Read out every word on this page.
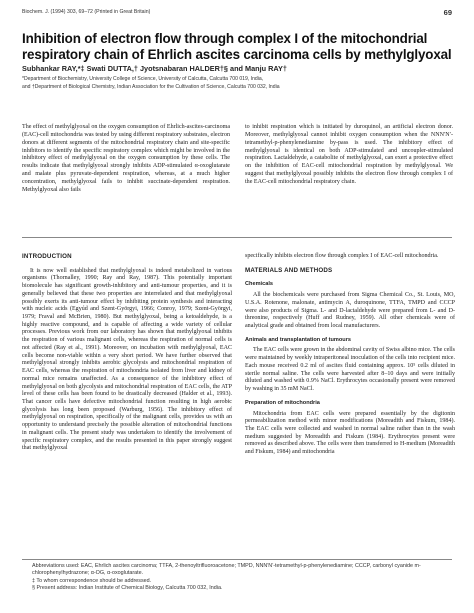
Biochem. J. (1994) 303, 69–72 (Printed in Great Britain)	69
Inhibition of electron flow through complex I of the mitochondrial respiratory chain of Ehrlich ascites carcinoma cells by methylglyoxal
Subhankar RAY,*‡ Swati DUTTA,† Jyotsnabaran HALDER†§ and Manju RAY†
*Department of Biochemistry, University College of Science, University of Calcutta, Calcutta 700 019, India,
and †Department of Biological Chemistry, Indian Association for the Cultivation of Science, Calcutta 700 032, India
The effect of methylglyoxal on the oxygen consumption of Ehrlich-ascites-carcinoma (EAC)-cell mitochondria was tested by using different respiratory substrates, electron donors at different segments of the mitochondrial respiratory chain and site-specific inhibitors to identify the specific respiratory complex which might be involved in the inhibitory effect of methylglyoxal on the oxygen consumption by these cells. The results indicate that methylglyoxal strongly inhibits ADP-stimulated α-oxoglutarate and malate plus pyruvate-dependent respiration, whereas, at a much higher concentration, methylglyoxal fails to inhibit succinate-dependent respiration. Methylglyoxal also fails
to inhibit respiration which is initiated by duroquinol, an artificial electron donor. Moreover, methylglyoxal cannot inhibit oxygen consumption when the NNN′N′-tetramethyl-p-phenylenediamine by-pass is used. The inhibitory effect of methylglyoxal is identical on both ADP-stimulated and uncoupler-stimulated respiration. Lactaldehyde, a catabolite of methylglyoxal, can exert a protective effect on the inhibition of EAC-cell mitochondrial respiration by methylglyoxal. We suggest that methylglyoxal possibly inhibits the electron flow through complex I of the EAC-cell mitochondrial respiratory chain.
INTRODUCTION

It is now well established that methylglyoxal is indeed metabolized in various organisms (Thornalley, 1990; Ray and Ray, 1987). This potentially important biomolecule has significant growth-inhibitory and anti-tumour properties, and it is generally believed that these two properties are interrelated and that methylglyoxal possibly exerts its anti-tumour effect by inhibiting protein synthesis and interacting with nucleic acids (Egyúd and Szent-Györgyi, 1966; Conroy, 1979; Szent-Györgyi, 1979; Fraval and McBrien, 1980). But methylglyoxal, being a ketoaldehyde, is a highly reactive compound, and is capable of affecting a wide variety of cellular processes. Previous work from our laboratory has shown that methylglyoxal inhibits the respiration of various malignant cells, whereas the respiration of normal cells is not affected (Ray et al., 1991). Moreover, on incubation with methylglyoxal, EAC cells become non-viable within a very short period. We have further observed that methylglyoxal strongly inhibits aerobic glycolysis and mitochondrial respiration of EAC cells, whereas the respiration of mitochondria isolated from liver and kidney of normal mice remains unaffected. As a consequence of the inhibitory effect of methylglyoxal on both glycolysis and mitochondrial respiration of EAC cells, the ATP level of these cells has been found to be drastically decreased (Halder et al., 1993). That cancer cells have defective mitochondrial function resulting in high aerobic glycolysis has long been proposed (Warburg, 1956). The inhibitory effect of methylglyoxal on respiration, specifically of the malignant cells, provides us with an opportunity to understand precisely the possible alteration of mitochondrial functions in malignant cells. The present study was undertaken to identify the involvement of specific respiratory complex, and the results presented in this paper strongly suggest that methylglyoxal

specifically inhibits electron flow through complex I of EAC-cell mitochondria.

MATERIALS AND METHODS
Chemicals

All the biochemicals were purchased from Sigma Chemical Co., St. Louis, MO, U.S.A. Rotenone, malonate, antimycin A, duroquinone, TTFA, TMPD and CCCP were also products of Sigma. L- and D-lactaldehyde were prepared from L- and D-threonine, respectively (Huff and Rudney, 1959). All other chemicals were of analytical grade and obtained from local manufacturers.

Animals and transplantation of tumours

The EAC cells were grown in the abdominal cavity of Swiss albino mice. The cells were maintained by weekly intraperitoneal inoculation of the cells into recipient mice. Each mouse received 0.2 ml of ascites fluid containing approx. 10⁵ cells diluted in sterile normal saline. The cells were harvested after 8–10 days and were initially diluted and washed with 0.9% NaCl. Erythrocytes occasionally present were removed by washing in 35 mM NaCl.

Preparation of mitochondria

Mitochondria from EAC cells were prepared essentially by the digitonin permeabilization method with minor modifications (Moreadith and Fiskum, 1984). The EAC cells were collected and washed in normal saline rather than in the wash medium suggested by Moreadith and Fiskum (1984). Erythrocytes present were removed as described above. The cells were then transferred to H-medium (Moreadith and Fiskum, 1984) and mitochondria

Abbreviations used: EAC, Ehrlich ascites carcinoma; TTFA, 2-thenoyltrifluoroacetone; TMPD, NNN′N′-tetramethyl-p-phenylenediamine; CCCP, carbonyl cyanide m-chlorophenylhydrazone; α-OG, α-oxoglutarate.
‡ To whom correspondence should be addressed.
§ Present address: Indian Institute of Chemical Biology, Calcutta 700 032, India.
